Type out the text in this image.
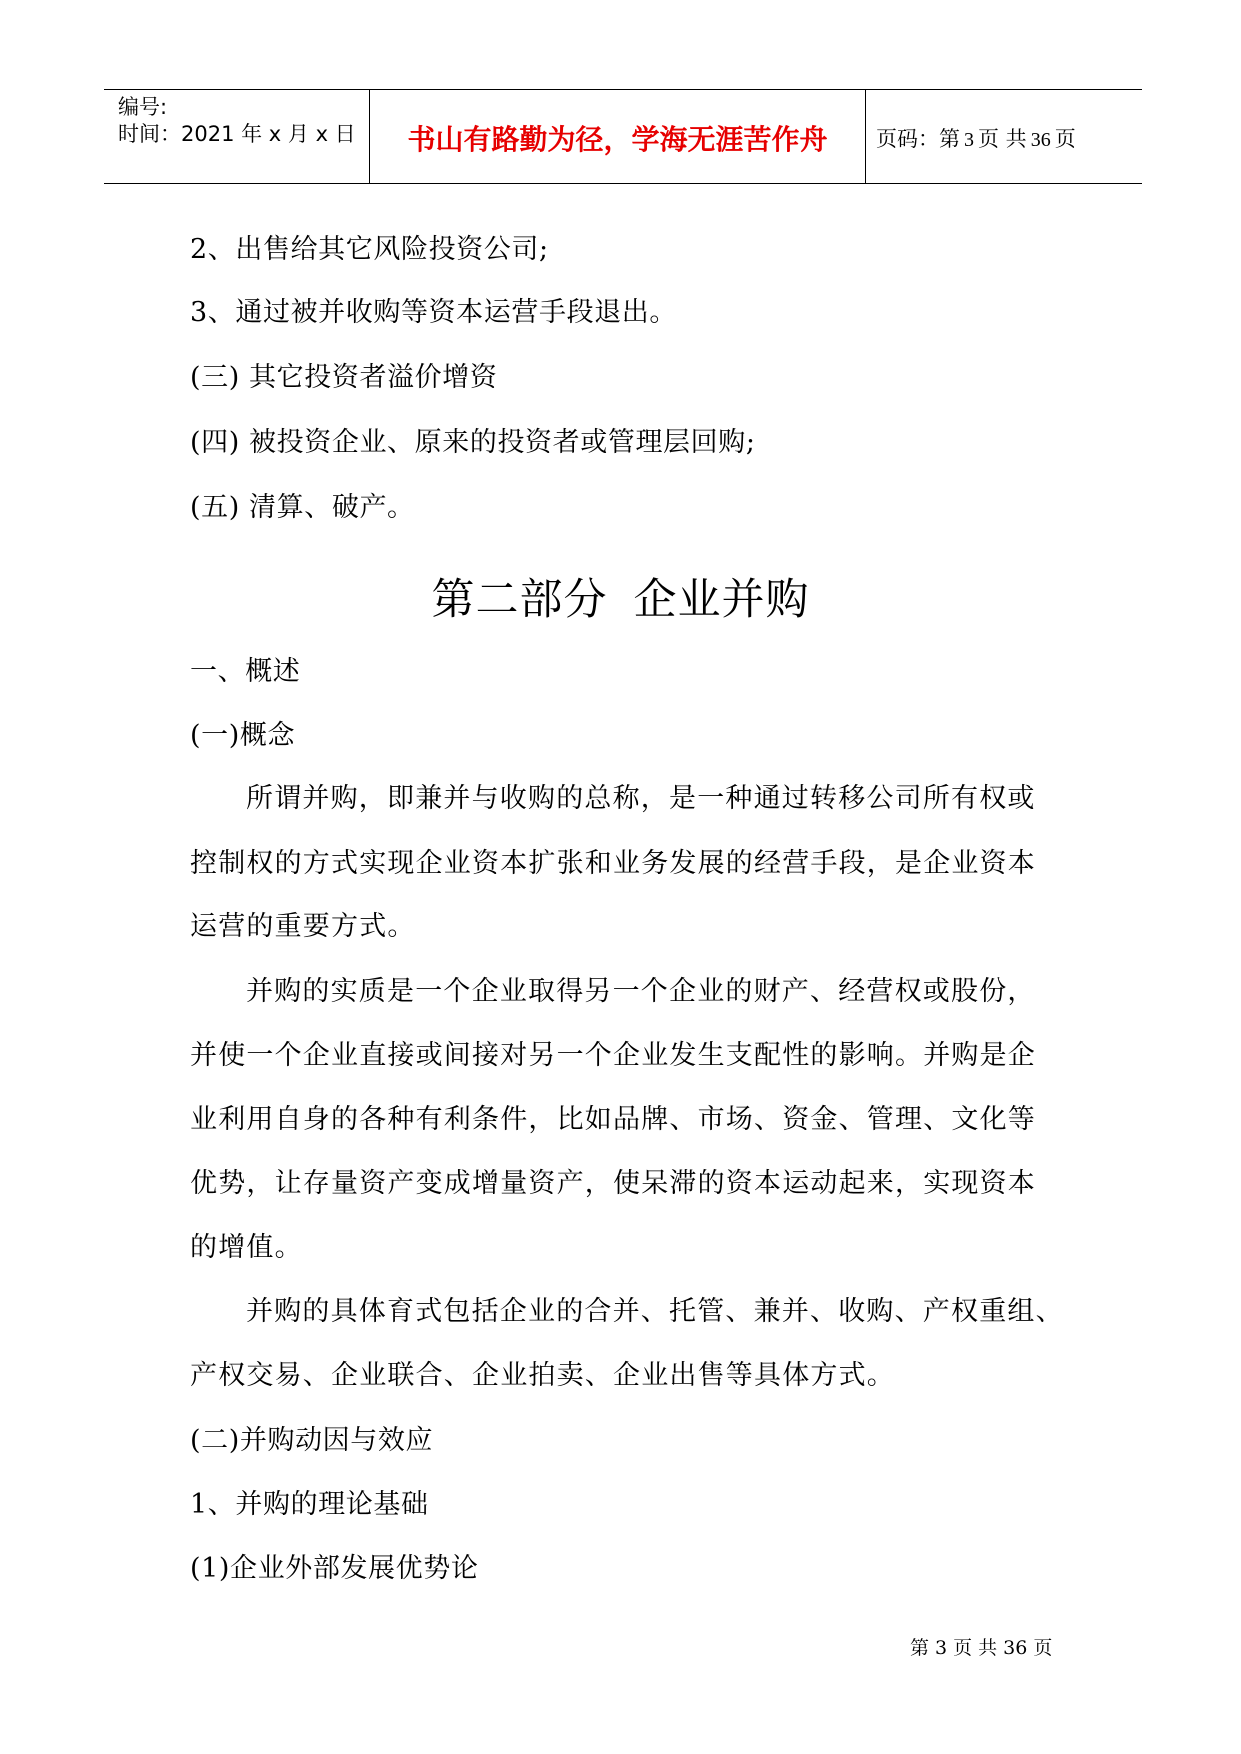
编号:
时间：2021 年 x 月 x 日	书山有路勤为径，学海无涯苦作舟	页码：第 3 页 共 36 页
2、出售给其它风险投资公司;
3、通过被并收购等资本运营手段退出。
(三) 其它投资者溢价增资
(四) 被投资企业、原来的投资者或管理层回购;
(五) 清算、破产。
第二部分 企业并购
一、概述
(一)概念
所谓并购，即兼并与收购的总称，是一种通过转移公司所有权或
控制权的方式实现企业资本扩张和业务发展的经营手段，是企业资本
运营的重要方式。
并购的实质是一个企业取得另一个企业的财产、经营权或股份，
并使一个企业直接或间接对另一个企业发生支配性的影响。并购是企
业利用自身的各种有利条件，比如品牌、市场、资金、管理、文化等
优势，让存量资产变成增量资产，使呆滞的资本运动起来，实现资本
的增值。
并购的具体育式包括企业的合并、托管、兼并、收购、产权重组、
产权交易、企业联合、企业拍卖、企业出售等具体方式。
(二)并购动因与效应
1、并购的理论基础
(1)企业外部发展优势论
第 3 页 共 36 页
